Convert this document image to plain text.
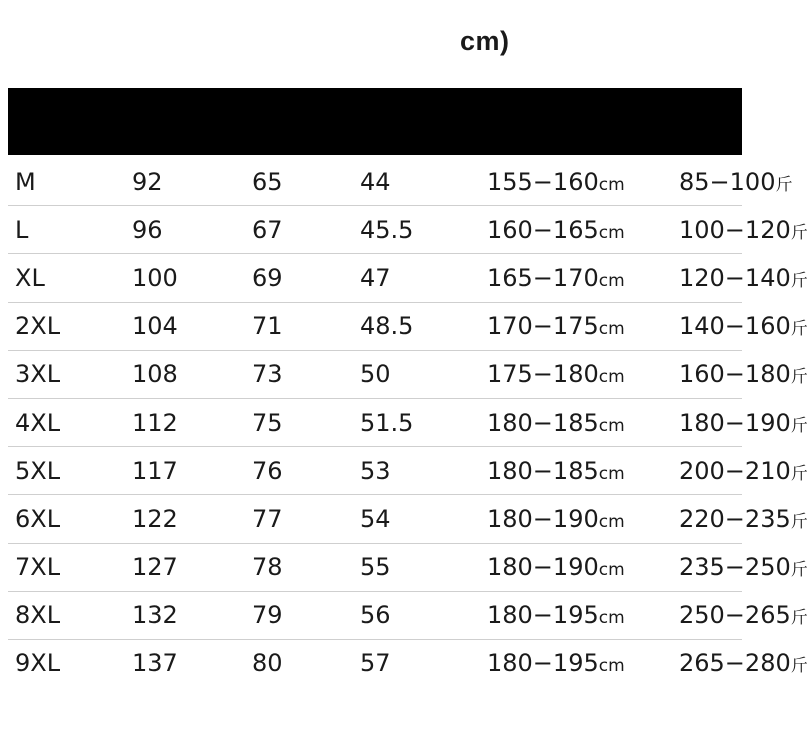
cm)
M	92	65	44	155−160cm	85−100斤
L	96	67	45.5	160−165cm	100−120斤
XL	100	69	47	165−170cm	120−140斤
2XL	104	71	48.5	170−175cm	140−160斤
3XL	108	73	50	175−180cm	160−180斤
4XL	112	75	51.5	180−185cm	180−190斤
5XL	117	76	53	180−185cm	200−210斤
6XL	122	77	54	180−190cm	220−235斤
7XL	127	78	55	180−190cm	235−250斤
8XL	132	79	56	180−195cm	250−265斤
9XL	137	80	57	180−195cm	265−280斤
